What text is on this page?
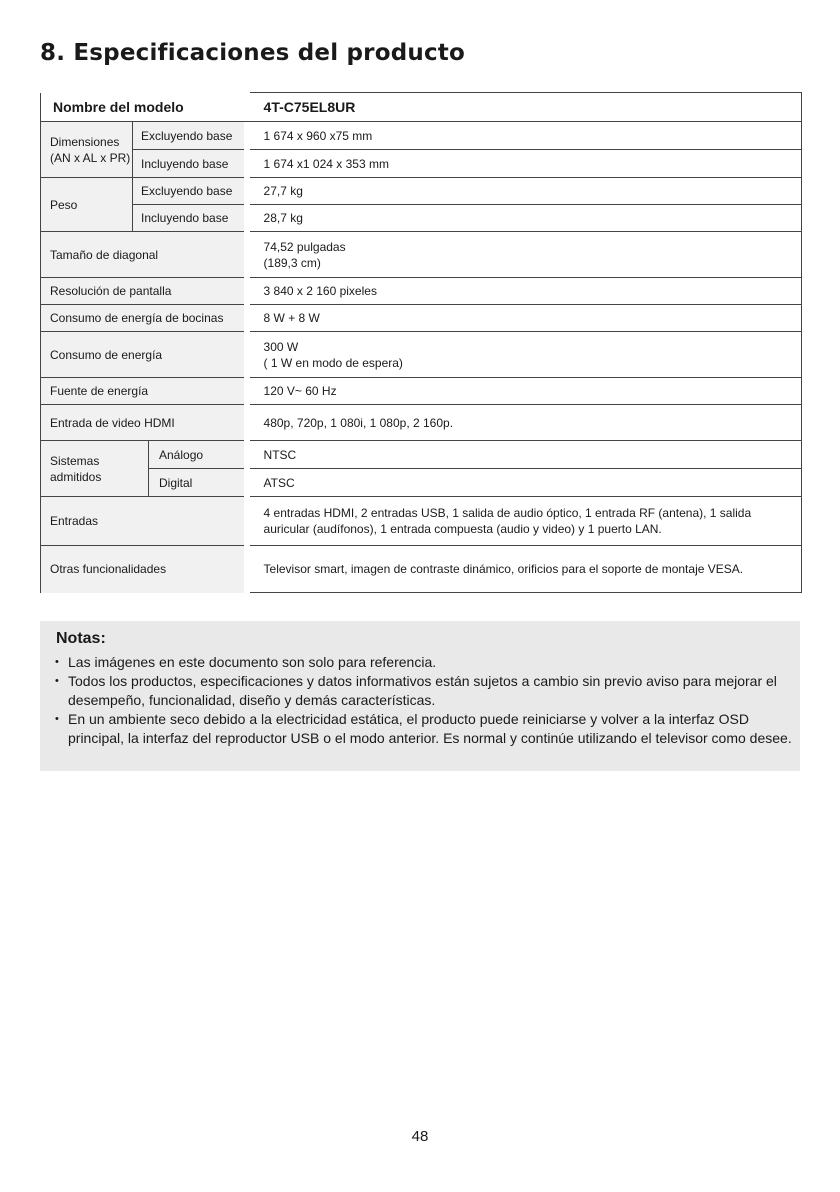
8. Especificaciones del producto
Nombre del modelo				4T-C75EL8UR

Dimensiones
(AN x AL x PR)	Excluyendo base			1 674 x 960 x75 mm
	Incluyendo base			1 674 x1 024 x 353 mm
Peso	Excluyendo base			27,7 kg
	Incluyendo base			28,7 kg
Tamaño de diagonal				74,52 pulgadas
(189,3 cm)

Resolución de pantalla				3 840 x 2 160 pixeles
Consumo de energía de bocinas				8 W + 8 W
Consumo de energía				300 W
( 1 W en modo de espera)

Fuente de energía				120 V~ 60 Hz
Entrada de video HDMI				480p, 720p, 1 080i, 1 080p, 2 160p.

Sistemas
admitidos		Análogo		NTSC
		Digital		ATSC
Entradas				4 entradas HDMI, 2 entradas USB, 1 salida de audio óptico, 1 entrada RF (antena), 1 salida
auricular (audífonos), 1 entrada compuesta (audio y video) y 1 puerto LAN.

Otras funcionalidades				Televisor smart, imagen de contraste dinámico, orificios para el soporte de montaje VESA.
Notas:
• Las imágenes en este documento son solo para referencia.
• Todos los productos, especificaciones y datos informativos están sujetos a cambio sin previo aviso para mejorar el desempeño, funcionalidad, diseño y demás características.
• En un ambiente seco debido a la electricidad estática, el producto puede reiniciarse y volver a la interfaz OSD principal, la interfaz del reproductor USB o el modo anterior. Es normal y continúe utilizando el televisor como desee.
48
